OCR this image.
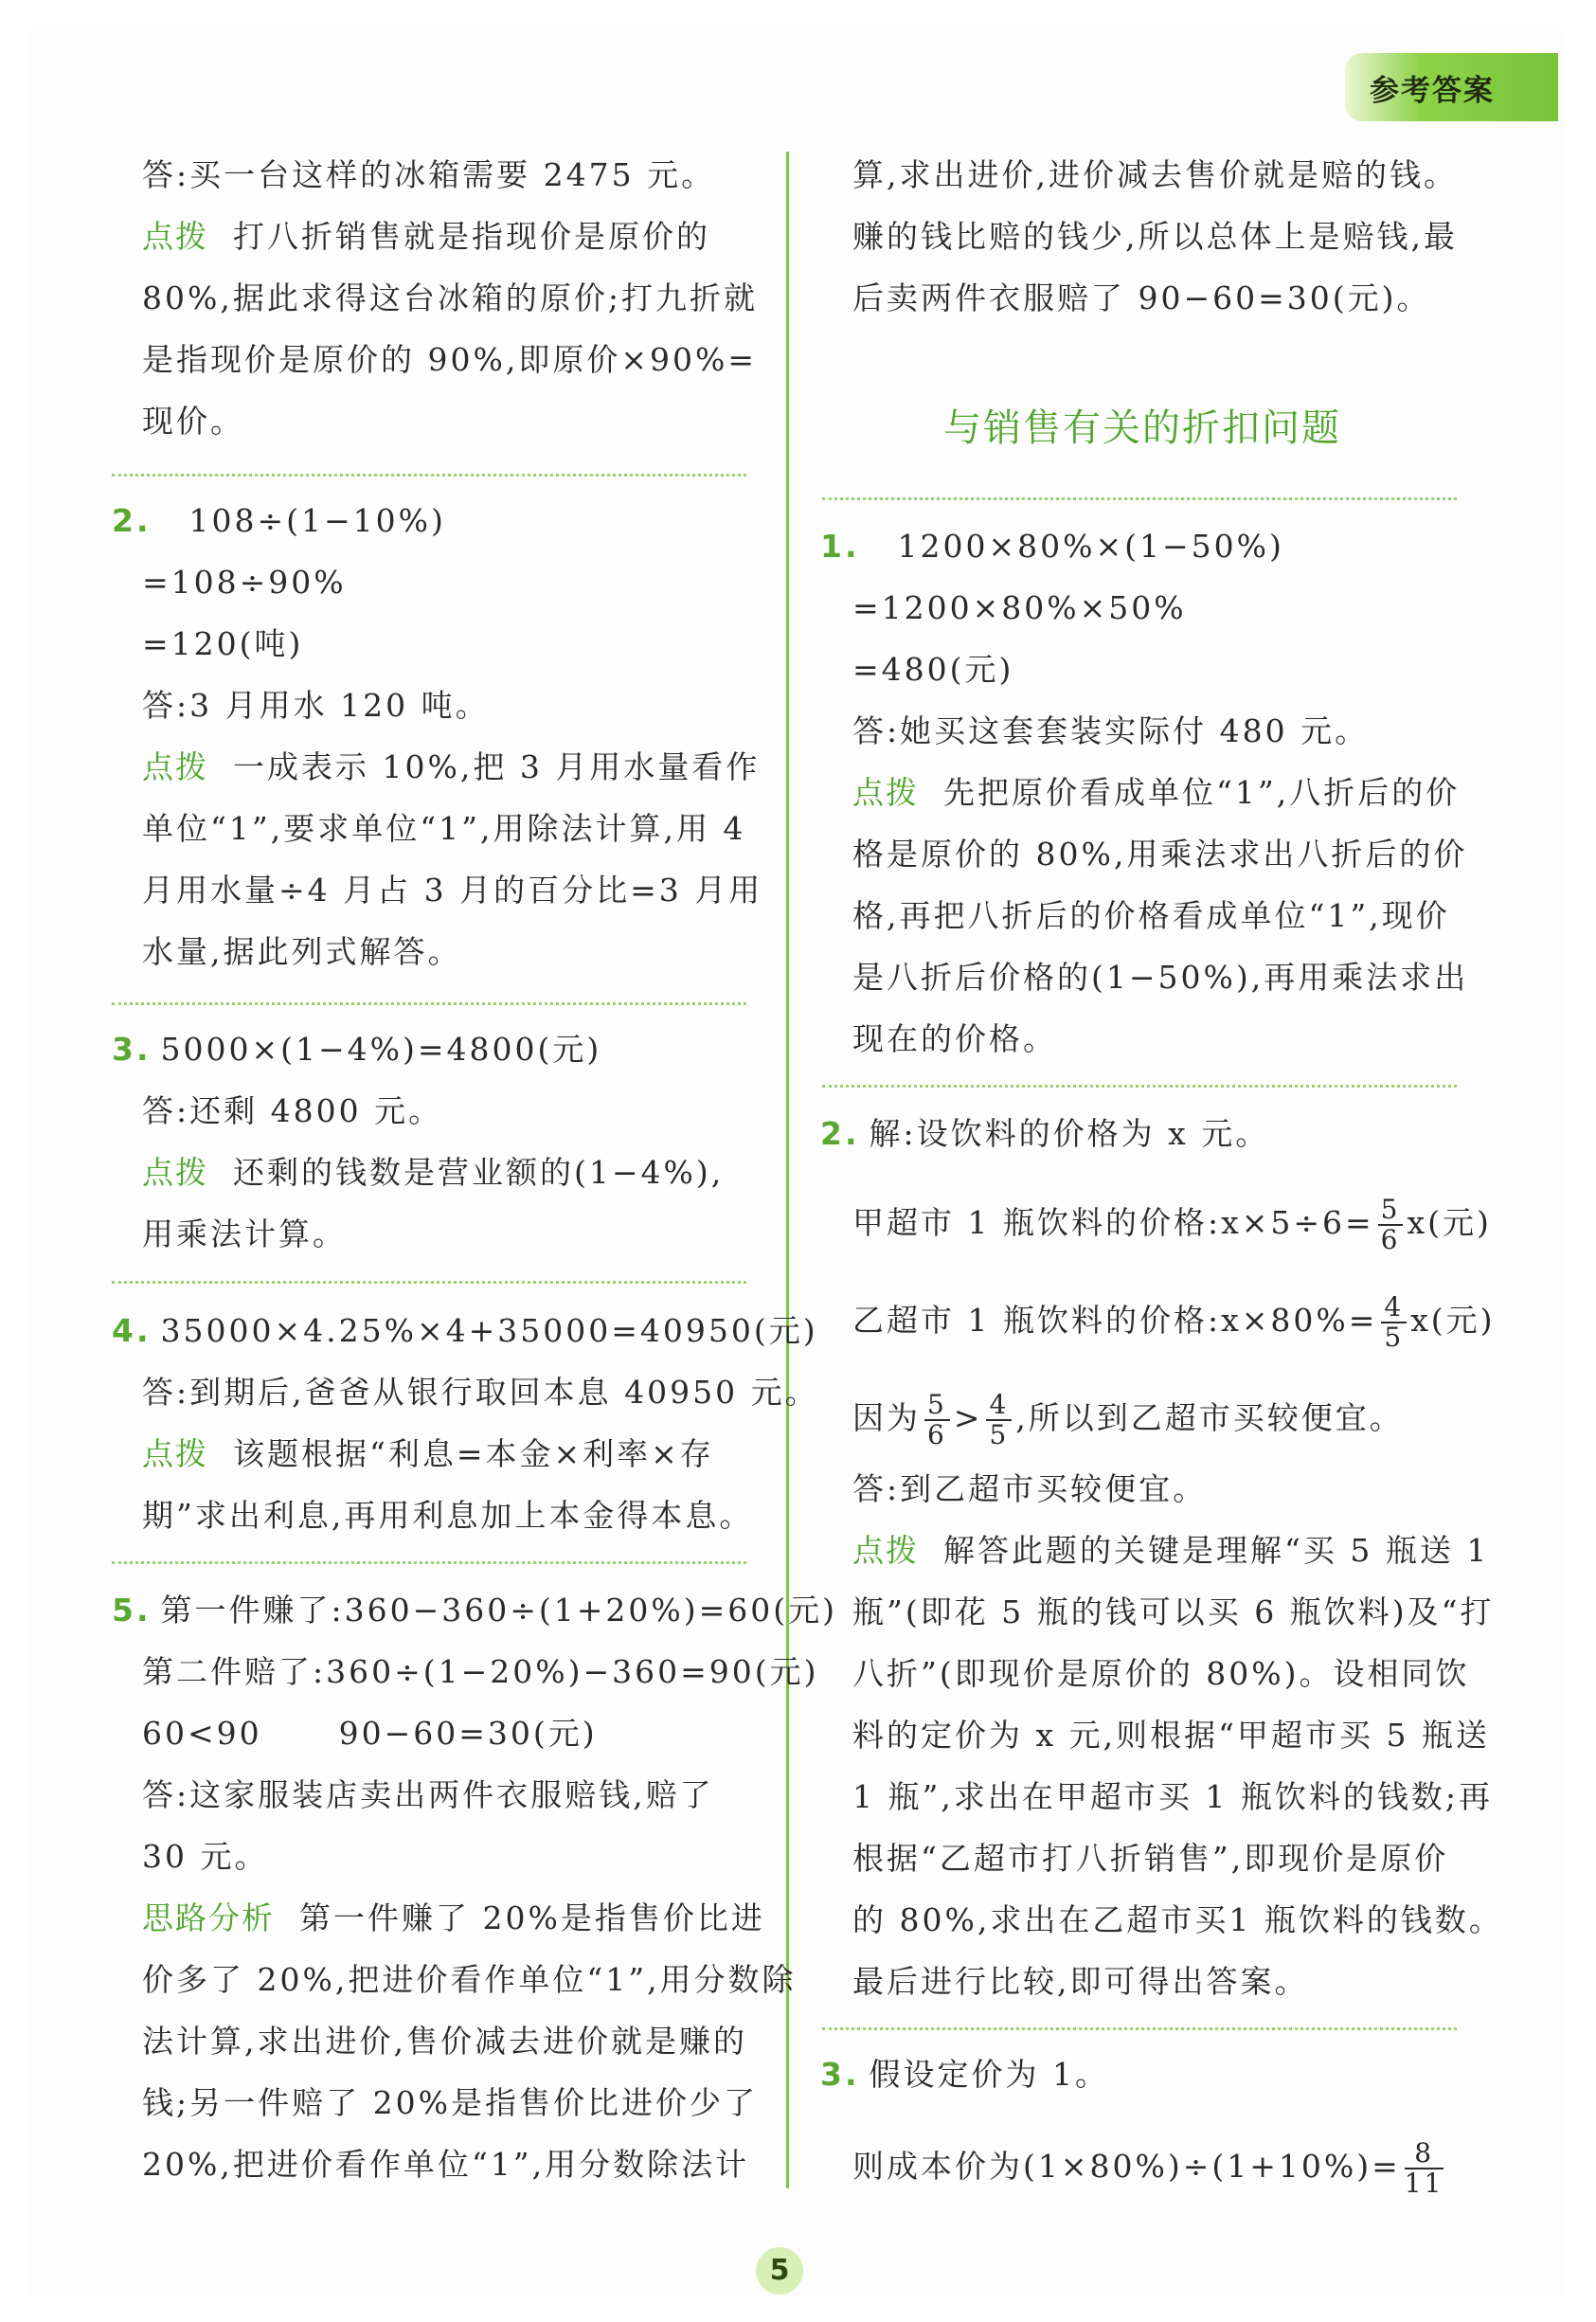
参考答案
答:买一台这样的冰箱需要 2475 元。
点拨 打八折销售就是指现价是原价的
80%,据此求得这台冰箱的原价;打九折就
是指现价是原价的 90%,即原价×90%=
现价。
2. 108÷(1−10%)
=108÷90%
=120(吨)
答:3 月用水 120 吨。
点拨 一成表示 10%,把 3 月用水量看作
单位“1”,要求单位“1”,用除法计算,用 4
月用水量÷4 月占 3 月的百分比=3 月用
水量,据此列式解答。
3. 5000×(1−4%)=4800(元)
答:还剩 4800 元。
点拨 还剩的钱数是营业额的(1−4%),
用乘法计算。
4. 35000×4.25%×4+35000=40950(元)
答:到期后,爸爸从银行取回本息 40950 元。
点拨 该题根据“利息=本金×利率×存
期”求出利息,再用利息加上本金得本息。
5. 第一件赚了:360−360÷(1+20%)=60(元)
第二件赔了:360÷(1−20%)−360=90(元)
60<90      90−60=30(元)
答:这家服装店卖出两件衣服赔钱,赔了
30 元。
思路分析 第一件赚了 20%是指售价比进
价多了 20%,把进价看作单位“1”,用分数除
法计算,求出进价,售价减去进价就是赚的
钱;另一件赔了 20%是指售价比进价少了
20%,把进价看作单位“1”,用分数除法计
算,求出进价,进价减去售价就是赔的钱。
赚的钱比赔的钱少,所以总体上是赔钱,最
后卖两件衣服赔了 90−60=30(元)。
与销售有关的折扣问题
1. 1200×80%×(1−50%)
=1200×80%×50%
=480(元)
答:她买这套套装实际付 480 元。
点拨 先把原价看成单位“1”,八折后的价
格是原价的 80%,用乘法求出八折后的价
格,再把八折后的价格看成单位“1”,现价
是八折后价格的(1−50%),再用乘法求出
现在的价格。
2. 解:设饮料的价格为 x 元。
甲超市 1 瓶饮料的价格:x×5÷6= $\frac{5}{6} x$(元)
乙超市 1 瓶饮料的价格:x×80%= $\frac{4}{5} x$(元)
因为 $\frac{5}{6} > \frac{4}{5}$ ,所以到乙超市买较便宜。
答:到乙超市买较便宜。
点拨 解答此题的关键是理解“买 5 瓶送 1
瓶”(即花 5 瓶的钱可以买 6 瓶饮料)及“打
八折”(即现价是原价的 80%)。设相同饮
料的定价为 x 元,则根据“甲超市买 5 瓶送
1 瓶”,求出在甲超市买 1 瓶饮料的钱数;再
根据“乙超市打八折销售”,即现价是原价
的 80%,求出在乙超市买1 瓶饮料的钱数。
最后进行比较,即可得出答案。
3. 假设定价为 1。
则成本价为$(1\times 80\%)\div(1+10\%)= \frac{8}{11}$
5
